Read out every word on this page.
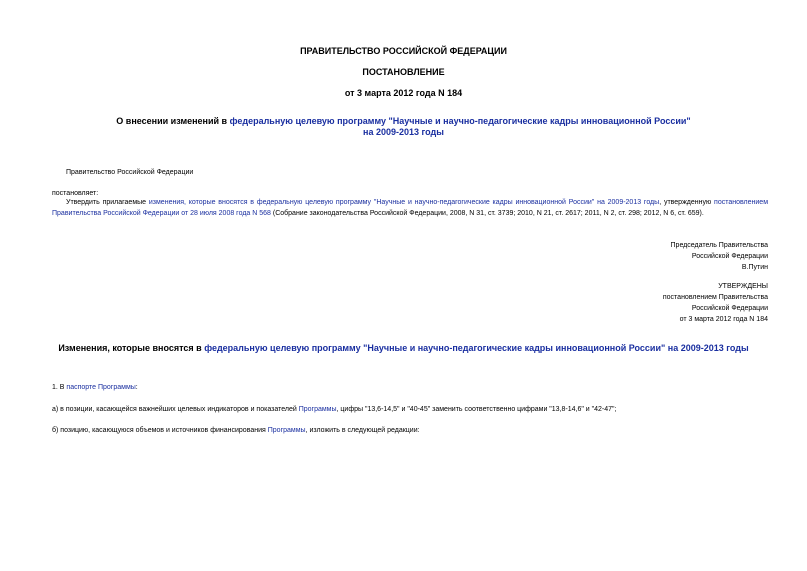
ПРАВИТЕЛЬСТВО РОССИЙСКОЙ ФЕДЕРАЦИИ
ПОСТАНОВЛЕНИЕ
от 3 марта 2012 года N 184
О внесении изменений в федеральную целевую программу "Научные и научно-педагогические кадры инновационной России"
на 2009-2013 годы
Правительство Российской Федерации
постановляет:
Утвердить прилагаемые изменения, которые вносятся в федеральную целевую программу "Научные и научно-педагогические кадры инновационной России" на 2009-2013 годы, утвержденную постановлением Правительства Российской Федерации от 28 июля 2008 года N 568 (Собрание законодательства Российской Федерации, 2008, N 31, ст. 3739; 2010, N 21, ст. 2617; 2011, N 2, ст. 298; 2012, N 6, ст. 659).
Председатель Правительства
Российской Федерации
В.Путин
УТВЕРЖДЕНЫ
постановлением Правительства
Российской Федерации
от 3 марта 2012 года N 184
Изменения, которые вносятся в федеральную целевую программу "Научные и научно-педагогические кадры инновационной России" на 2009-2013 годы
1. В паспорте Программы:
а) в позиции, касающейся важнейших целевых индикаторов и показателей Программы, цифры "13,6-14,5" и "40-45" заменить соответственно цифрами "13,8-14,6" и "42-47";
б) позицию, касающуюся объемов и источников финансирования Программы, изложить в следующей редакции:
